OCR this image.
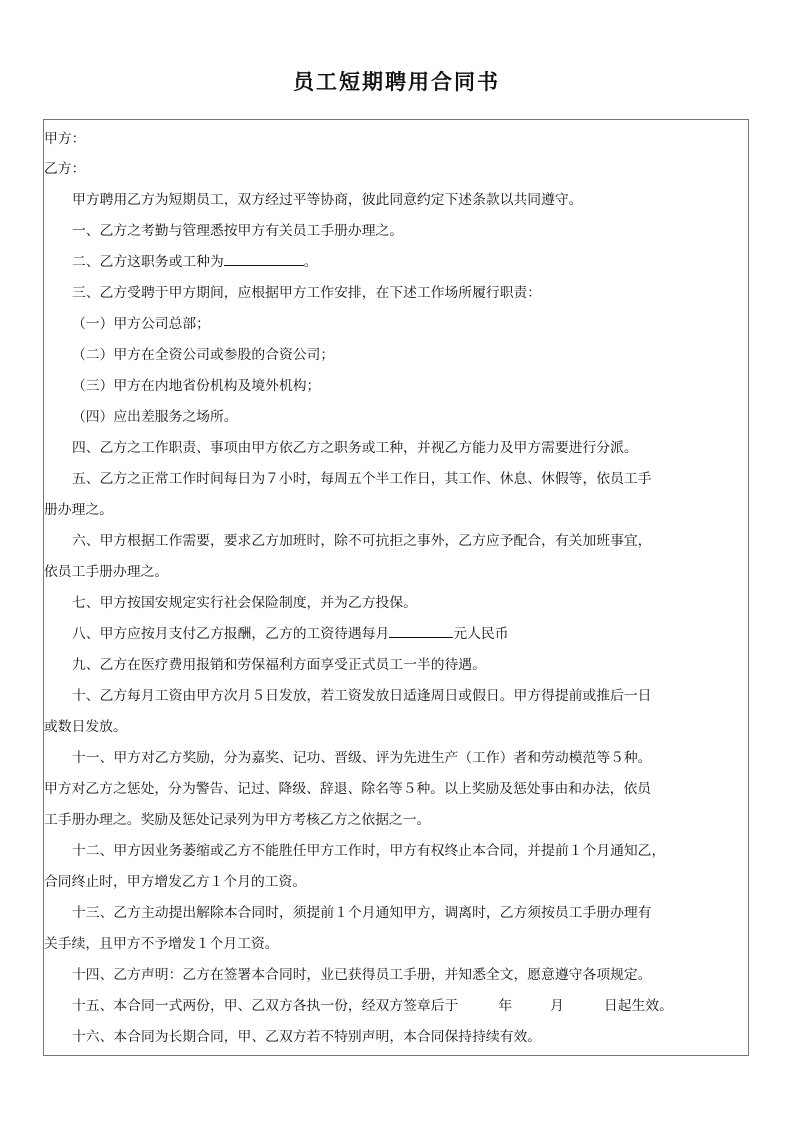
员工短期聘用合同书

甲方：

乙方：

甲方聘用乙方为短期员工，双方经过平等协商，彼此同意约定下述条款以共同遵守。

一、乙方之考勤与管理悉按甲方有关员工手册办理之。

二、乙方这职务或工种为	。

三、乙方受聘于甲方期间，应根据甲方工作安排，在下述工作场所履行职责：

（一）甲方公司总部；

（二）甲方在全资公司或参股的合资公司；

（三）甲方在内地省份机构及境外机构；

（四）应出差服务之场所。

四、乙方之工作职责、事项由甲方依乙方之职务或工种，并视乙方能力及甲方需要进行分派。

五、乙方之正常工作时间每日为７小时，每周五个半工作日，其工作、休息、休假等，依员工手

册办理之。

六、甲方根据工作需要，要求乙方加班时，除不可抗拒之事外，乙方应予配合，有关加班事宜，

依员工手册办理之。

七、甲方按国安规定实行社会保险制度，并为乙方投保。

八、甲方应按月支付乙方报酬，乙方的工资待遇每月	元人民币

九、乙方在医疗费用报销和劳保福利方面享受正式员工一半的待遇。

十、乙方每月工资由甲方次月５日发放，若工资发放日适逢周日或假日。甲方得提前或推后一日

或数日发放。

十一、甲方对乙方奖励，分为嘉奖、记功、晋级、评为先进生产（工作）者和劳动模范等５种。

甲方对乙方之惩处，分为警告、记过、降级、辞退、除名等５种。以上奖励及惩处事由和办法，依员

工手册办理之。奖励及惩处记录列为甲方考核乙方之依据之一。

十二、甲方因业务萎缩或乙方不能胜任甲方工作时，甲方有权终止本合同，并提前１个月通知乙，

合同终止时，甲方增发乙方１个月的工资。

十三、乙方主动提出解除本合同时，须提前１个月通知甲方，调离时，乙方须按员工手册办理有

关手续，且甲方不予增发１个月工资。

十四、乙方声明：乙方在签署本合同时，业已获得员工手册，并知悉全文，愿意遵守各项规定。

十五、本合同一式两份，甲、乙双方各执一份，经双方签章后于	年	月	日起生效。

十六、本合同为长期合同，甲、乙双方若不特别声明，本合同保持持续有效。
